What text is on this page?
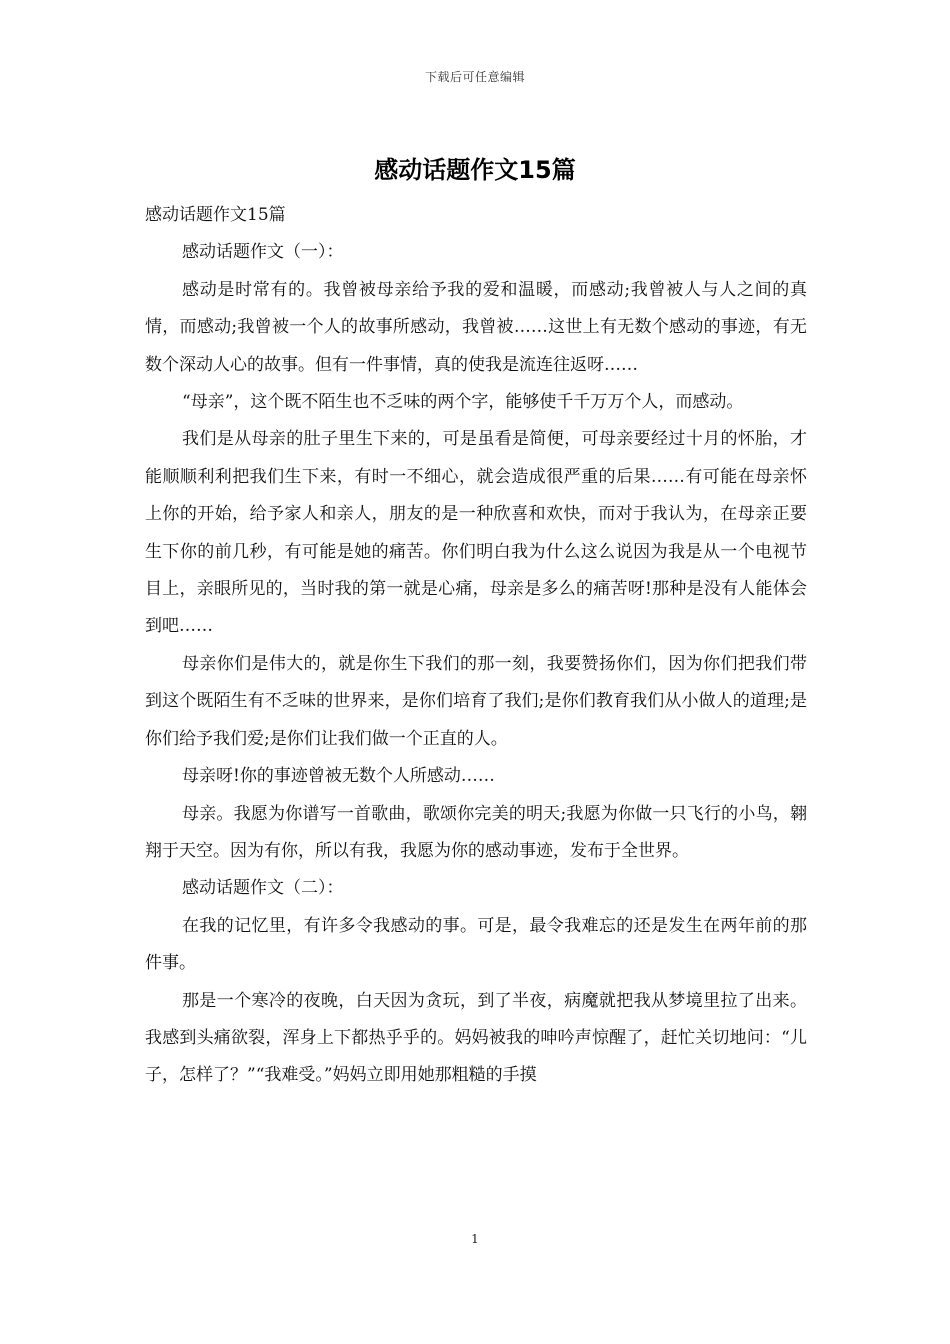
下载后可任意编辑
感动话题作文15篇

感动话题作文15篇

感动话题作文（一）：

感动是时常有的。我曾被母亲给予我的爱和温暖，而感动;我曾被人与人之间的真情，而感动;我曾被一个人的故事所感动，我曾被……这世上有无数个感动的事迹，有无数个深动人心的故事。但有一件事情，真的使我是流连往返呀……

“母亲”，这个既不陌生也不乏味的两个字，能够使千千万万个人，而感动。

我们是从母亲的肚子里生下来的，可是虽看是简便，可母亲要经过十月的怀胎，才能顺顺利利把我们生下来，有时一不细心，就会造成很严重的后果……有可能在母亲怀上你的开始，给予家人和亲人，朋友的是一种欣喜和欢快，而对于我认为，在母亲正要生下你的前几秒，有可能是她的痛苦。你们明白我为什么这么说因为我是从一个电视节目上，亲眼所见的，当时我的第一就是心痛，母亲是多么的痛苦呀!那种是没有人能体会到吧……

母亲你们是伟大的，就是你生下我们的那一刻，我要赞扬你们，因为你们把我们带到这个既陌生有不乏味的世界来，是你们培育了我们;是你们教育我们从小做人的道理;是你们给予我们爱;是你们让我们做一个正直的人。

母亲呀!你的事迹曾被无数个人所感动……

母亲。我愿为你谱写一首歌曲，歌颂你完美的明天;我愿为你做一只飞行的小鸟，翱翔于天空。因为有你，所以有我，我愿为你的感动事迹，发布于全世界。

感动话题作文（二）：

在我的记忆里，有许多令我感动的事。可是，最令我难忘的还是发生在两年前的那件事。

那是一个寒冷的夜晚，白天因为贪玩，到了半夜，病魔就把我从梦境里拉了出来。我感到头痛欲裂，浑身上下都热乎乎的。妈妈被我的呻吟声惊醒了，赶忙关切地问：“儿子，怎样了？”“我难受。”妈妈立即用她那粗糙的手摸

1
